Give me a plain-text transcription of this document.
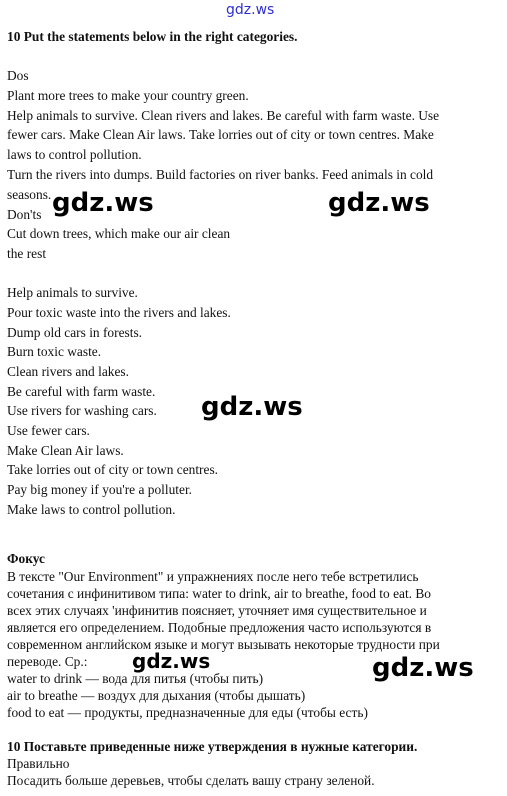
gdz.ws
10 Put the statements below in the right categories.
Dos
Plant more trees to make your country green.
Help animals to survive. Clean rivers and lakes. Be careful with farm waste. Use
fewer cars. Make Clean Air laws. Take lorries out of city or town centres. Make
laws to control pollution.
Turn the rivers into dumps. Build factories on river banks. Feed animals in cold
seasons.
Don'ts
Cut down trees, which make our air clean
the rest
Help animals to survive.
Pour toxic waste into the rivers and lakes.
Dump old cars in forests.
Burn toxic waste.
Clean rivers and lakes.
Be careful with farm waste.
Use rivers for washing cars.
Use fewer cars.
Make Clean Air laws.
Take lorries out of city or town centres.
Pay big money if you're a polluter.
Make laws to control pollution.
Фокус
В тексте "Our Environment" и упражнениях после него тебе встретились
сочетания с инфинитивом типа: water to drink, air to breathe, food to eat. Во
всех этих случаях 'инфинитив поясняет, уточняет имя существительное и
является его определением. Подобные предложения часто используются в
современном английском языке и могут вызывать некоторые трудности при
переводе. Ср.:
water to drink — вода для питья (чтобы пить)
air to breathe — воздух для дыхания (чтобы дышать)
food to eat — продукты, предназначенные для еды (чтобы есть)
10 Поставьте приведенные ниже утверждения в нужные категории.
Правильно
Посадить больше деревьев, чтобы сделать вашу страну зеленой.
gdz.ws	gdz.ws
gdz.ws
gdz.ws	gdz.ws
